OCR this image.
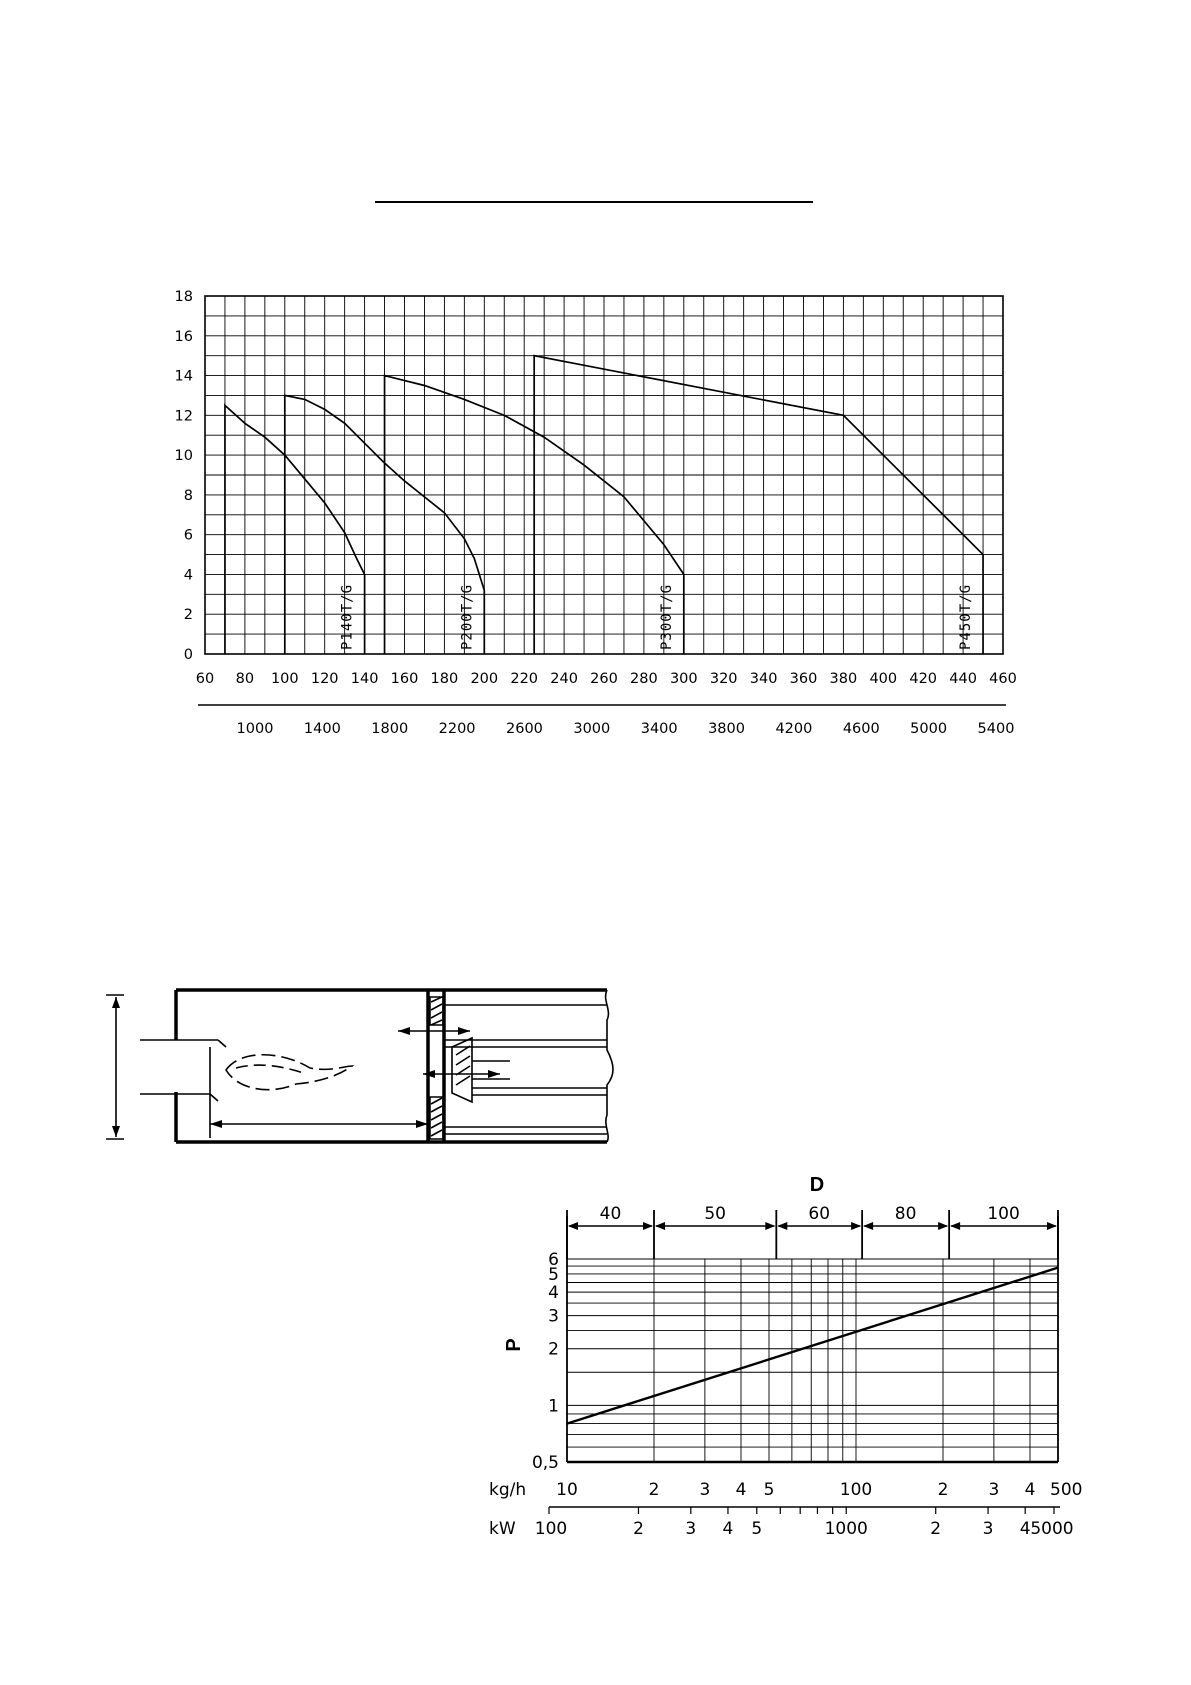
0
2
4
6
8
10
12
14
16
18
60 80 100 120 140 160 180 200 220 240 260 280 300 320 340 360 380 400 420 440 460
1000 1400 1800 2200 2600 3000 3400 3800 4200 4600 5000 5400
P140T/G	P200T/G	P300T/G	P450T/G
D
P
40	50	60	80	100
0,5
1
2
3
4
5
6
kg/h 10	2 3 4 5	100	2 3 4 500
kW 100	2 3 4 5	1000	2 3 4 5000
